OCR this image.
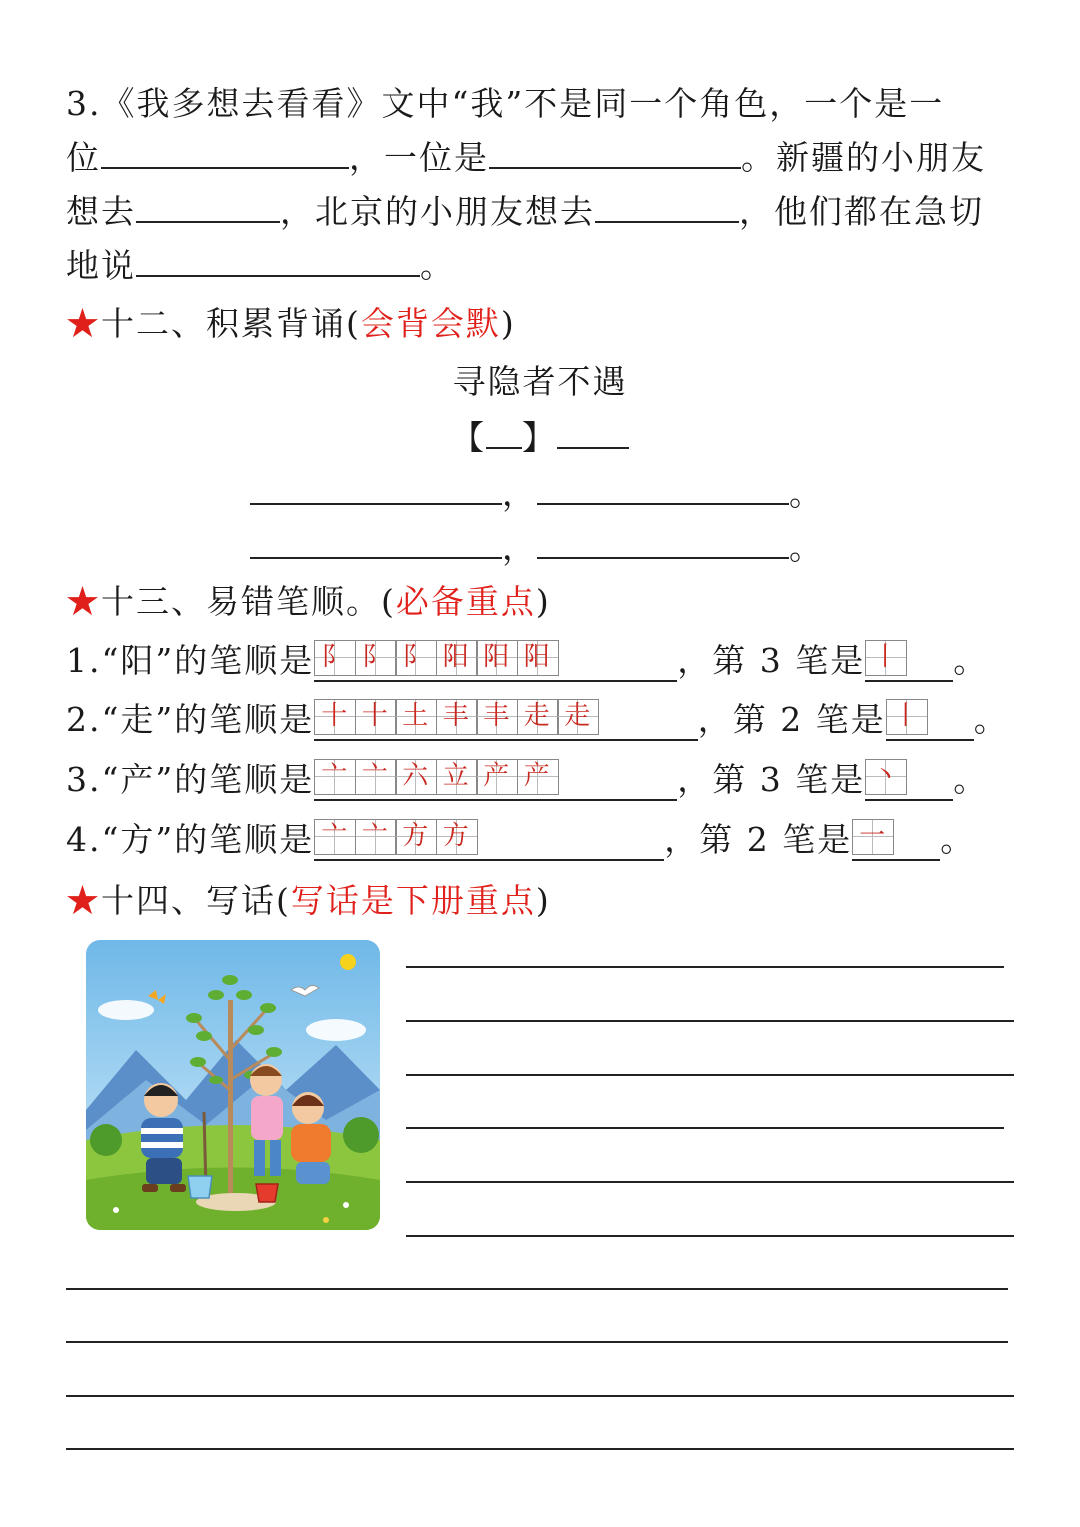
3.《我多想去看看》文中“我”不是同一个角色，一个是一
位	，一位是	。新疆的小朋友
想去	，北京的小朋友想去	，他们都在急切
地说	。
★十二、积累背诵(会背会默)
寻隐者不遇
【 】
，	。
，	。
★十三、易错笔顺。(必备重点)
1.“阳”的笔顺是 阝 阝 阝 阳 阳 阳	，第 3 笔是 丨 。
2.“走”的笔顺是 十 十 土 丰 丰 走 走	，第 2 笔是 丨 。
3.“产”的笔顺是 亠 亠 六 立 产 产	，第 3 笔是 丶 。
4.“方”的笔顺是 亠 亠 方 方	，第 2 笔是 一 。
★十四、写话(写话是下册重点)
